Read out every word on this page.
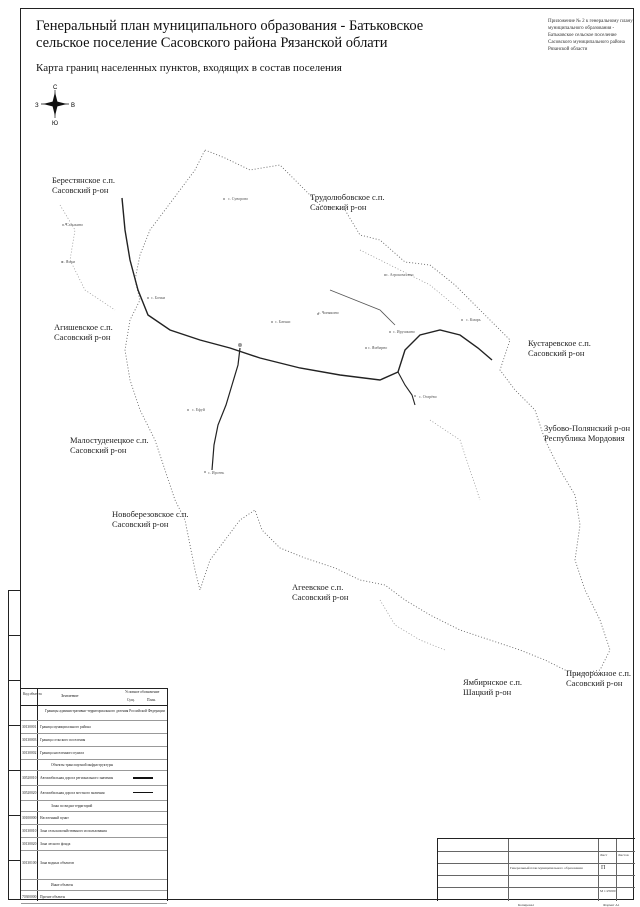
Генеральный план муниципального образования - Батьковское
сельское поселение Сасовского района Рязанской облати
Карта границ населенных пунктов, входящих в состав поселения
Приложение № 2 к генеральному плану
муниципального образования -
Батьковское сельское поселение
Сасовского муниципального района
Рязанской области
С
Ю
З	В
п. Сазыкино
с. Суворово
с. Ямки
с. Бочки
с. Батьки
с. Чинякино
с. Ирушкино
с. Агрокомплекс
с. Кмарь
с. Огарёво
с. Ямбирно
с. Ефуй
с. Ирсень
Берестянское с.п.
Сасовский р-он
Трудолюбовское с.п.
Сасовский р-он
Агишевское с.п.
Сасовский р-он
Кустаревское с.п.
Сасовский р-он
Зубово-Полянский р-он
Республика Мордовия
Малостуденецкое с.п.
Сасовский р-он
Новоберезовское с.п.
Сасовский р-он
Агеевское с.п.
Сасовский р-он
Ямбирнское с.п.
Шацкий р-он
Придорожное с.п.
Сасовский р-он
Код объекта	Значение
Условное обозначение
Сущ.	План.
Границы административно-территориального деления Российской Федерации
30130001 Граница муниципального района
30130003 Граница сельского поселения
30130002 Граница населенного пункта
Объекты транспортной инфраструктуры
30520010 Автомобильная дорога регионального значения
30520020 Автомобильная дорога местного значения
Зоны по видам территорий
30100000 Населенный пункт
30130010 Зона сельскохозяйственного использования
30130020 Зона лесного фонда
30130100 Зона водных объектов
Иные объекты
70300000 Прочие объекты
Генеральный план муниципального образования
Лист	Листов
П
М 1:25000
Копировал	Формат А1
